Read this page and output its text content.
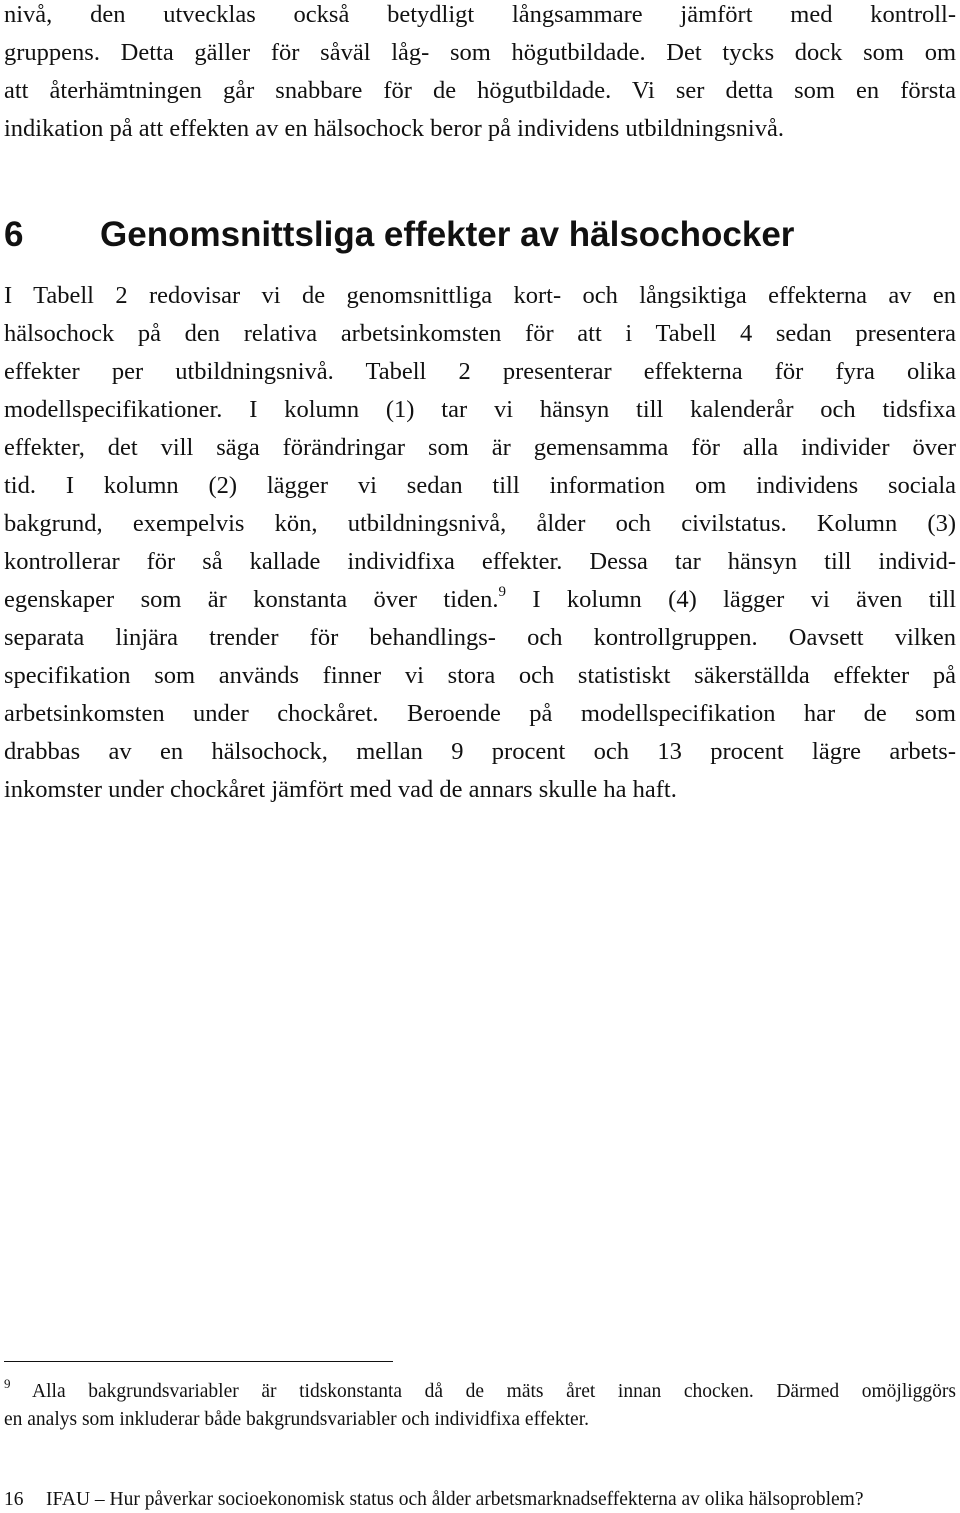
nivå, den utvecklas också betydligt långsammare jämfört med kontroll-
gruppens. Detta gäller för såväl låg- som högutbildade. Det tycks dock som om
att återhämtningen går snabbare för de högutbildade. Vi ser detta som en första
indikation på att effekten av en hälsochock beror på individens utbildningsnivå.
6 Genomsnittsliga effekter av hälsochocker
I Tabell 2 redovisar vi de genomsnittliga kort- och långsiktiga effekterna av en
hälsochock på den relativa arbetsinkomsten för att i Tabell 4 sedan presentera
effekter per utbildningsnivå. Tabell 2 presenterar effekterna för fyra olika
modellspecifikationer. I kolumn (1) tar vi hänsyn till kalenderår och tidsfixa
effekter, det vill säga förändringar som är gemensamma för alla individer över
tid. I kolumn (2) lägger vi sedan till information om individens sociala
bakgrund, exempelvis kön, utbildningsnivå, ålder och civilstatus. Kolumn (3)
kontrollerar för så kallade individfixa effekter. Dessa tar hänsyn till individ-
egenskaper som är konstanta över tiden.$^9$ I kolumn (4) lägger vi även till
separata linjära trender för behandlings- och kontrollgruppen. Oavsett vilken
specifikation som används finner vi stora och statistiskt säkerställda effekter på
arbetsinkomsten under chockåret. Beroende på modellspecifikation har de som
drabbas av en hälsochock, mellan 9 procent och 13 procent lägre arbets-
inkomster under chockåret jämfört med vad de annars skulle ha haft.
$^9$ Alla bakgrundsvariabler är tidskonstanta då de mäts året innan chocken. Därmed omöjliggörs
en analys som inkluderar både bakgrundsvariabler och individfixa effekter.
16 IFAU – Hur påverkar socioekonomisk status och ålder arbetsmarknadseffekterna av olika hälsoproblem?
